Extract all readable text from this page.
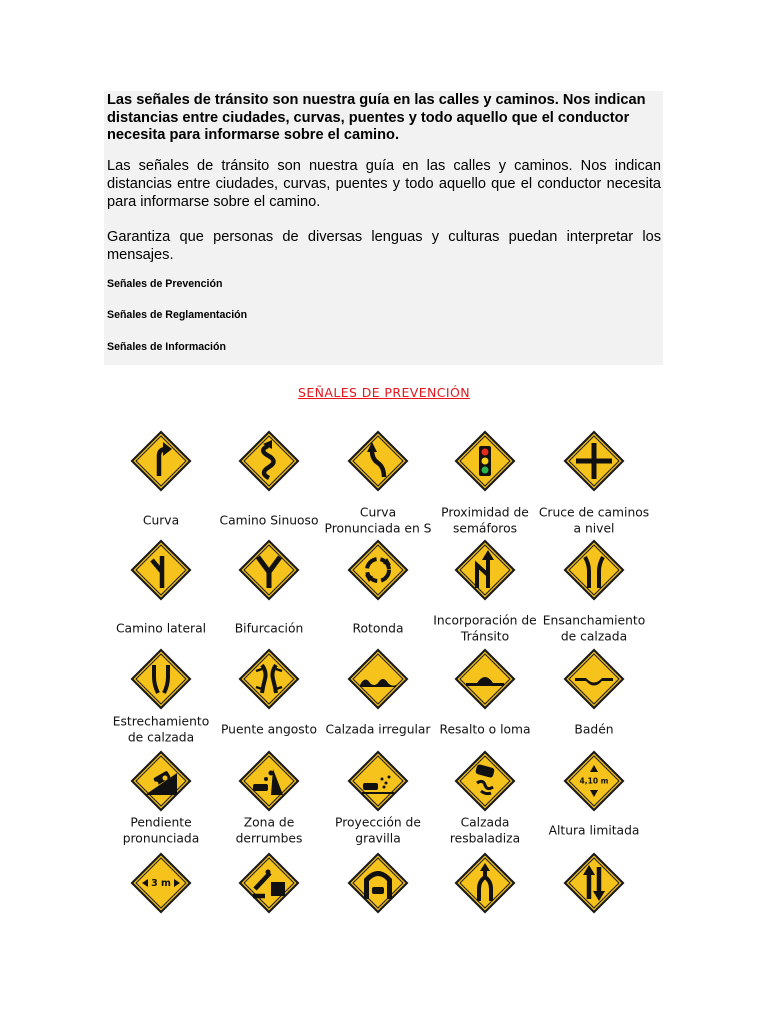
Las señales de tránsito son nuestra guía en las calles y caminos. Nos indican distancias entre ciudades, curvas, puentes y todo aquello que el conductor necesita para informarse sobre el camino.

Las señales de tránsito son nuestra guía en las calles y caminos. Nos indican distancias entre ciudades, curvas, puentes y todo aquello que el conductor necesita para informarse sobre el camino.

Garantiza que personas de diversas lenguas y culturas puedan interpretar los mensajes.

Señales de Prevención

Señales de Reglamentación

Señales de Información

SEÑALES DE PREVENCIÓN

Curva	Camino Sinuoso
Curva Pronunciada en S
Proximidad de semáforos
Cruce de caminos a nivel
Camino lateral	Bifurcación	Rotonda
Incorporación de Tránsito
Ensanchamiento de calzada
Estrechamiento de calzada
Puente angosto Calzada irregular Resalto o loma	Badén
Pendiente pronunciada
Zona de derrumbes
Proyección de gravilla
Calzada resbaladiza
4,10 m
Altura limitada
3 m
